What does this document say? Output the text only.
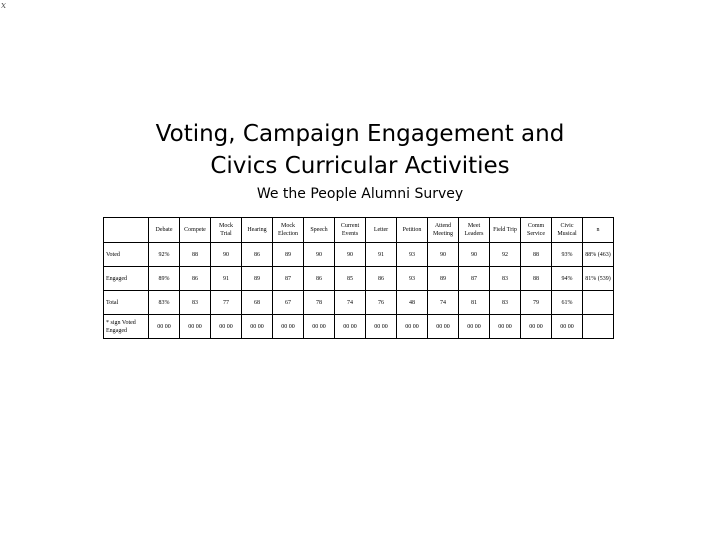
x
Voting, Campaign Engagement and
Civics Curricular Activities
We the People Alumni Survey
	Debate	Compete	Mock Trial	Hearing	Mock Election	Speech	Current Events	Letter	Petition	Attend Meeting	Meet Leaders	Field Trip	Comm Service	Civic Musical	n
Voted	92%	88	90	86	89	90	90	91	93	90	90	92	88	93%	88% (463)
Engaged	89%	86	91	89	87	86	85	86	93	89	87	83	88	94%	81% (539)
Total	83%	83	77	68	67	78	74	76	48	74	81	83	79	61%	
* sign Voted Engaged	00 00	00 00	00 00	00 00	00 00	00 00	00 00	00 00	00 00	00 00	00 00	00 00	00 00	00 00	
